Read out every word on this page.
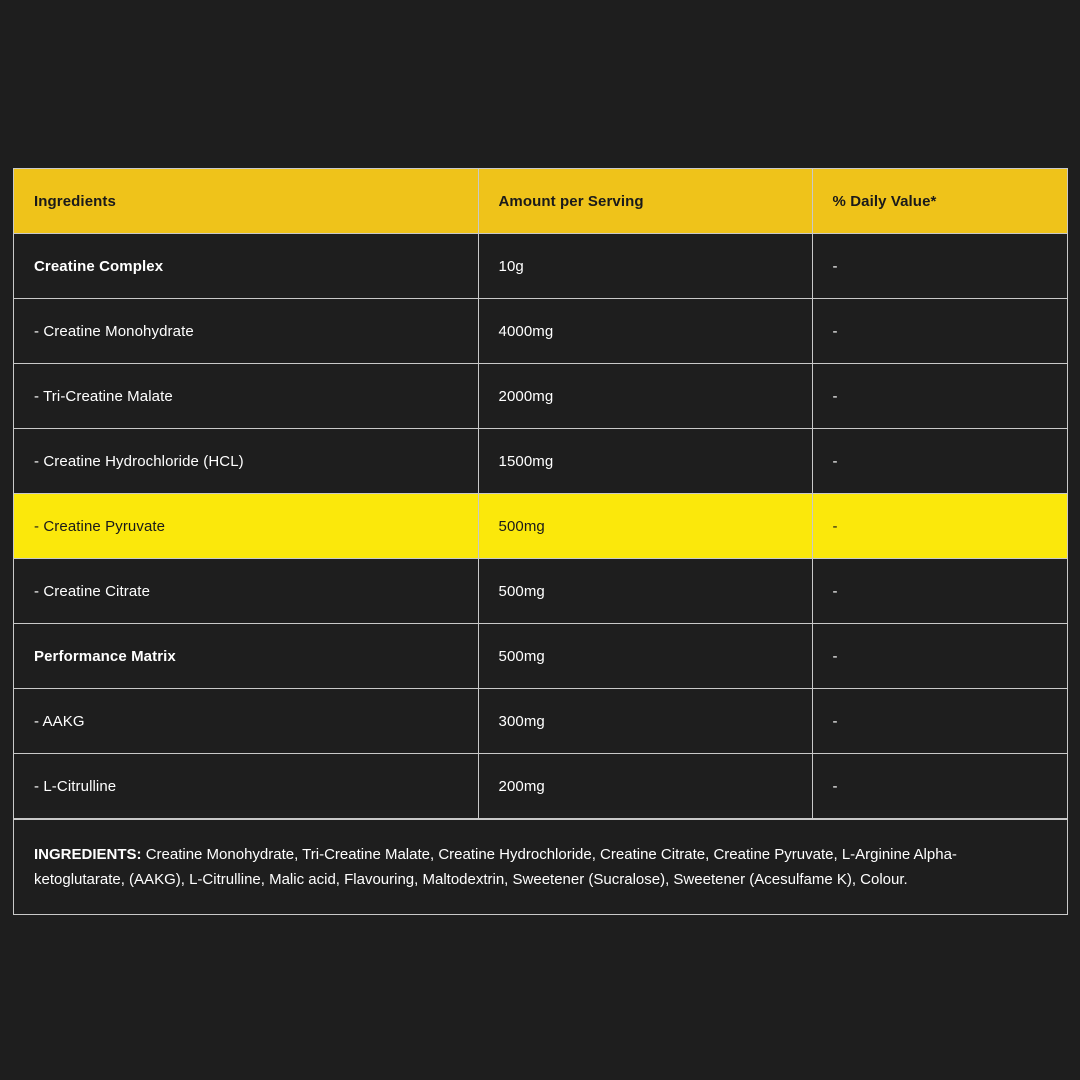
Ingredients	Amount per Serving	% Daily Value*
Creatine Complex	10g	-
- Creatine Monohydrate	4000mg	-
- Tri-Creatine Malate	2000mg	-
- Creatine Hydrochloride (HCL)	1500mg	-
- Creatine Pyruvate	500mg	-
- Creatine Citrate	500mg	-
Performance Matrix	500mg	-
- AAKG	300mg	-
- L-Citrulline	200mg	-
INGREDIENTS: Creatine Monohydrate, Tri-Creatine Malate, Creatine Hydrochloride, Creatine Citrate, Creatine Pyruvate, L-Arginine Alpha-ketoglutarate, (AAKG), L-Citrulline, Malic acid, Flavouring, Maltodextrin, Sweetener (Sucralose), Sweetener (Acesulfame K), Colour.
